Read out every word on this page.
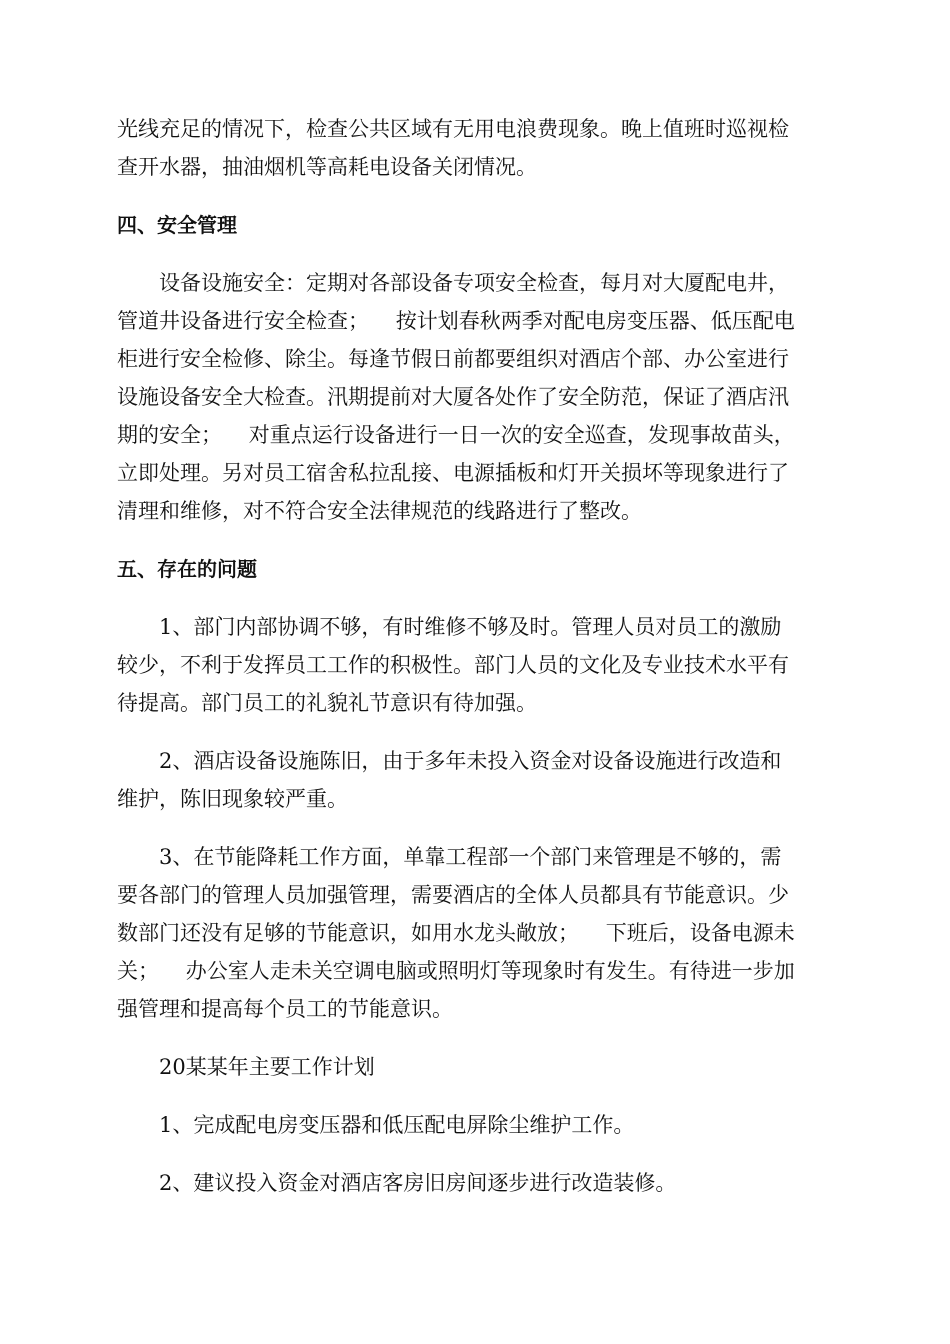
光线充足的情况下，检查公共区域有无用电浪费现象。晚上值班时巡视检
查开水器，抽油烟机等高耗电设备关闭情况。
四、安全管理
设备设施安全：定期对各部设备专项安全检查，每月对大厦配电井，
管道井设备进行安全检查；    按计划春秋两季对配电房变压器、低压配电
柜进行安全检修、除尘。每逢节假日前都要组织对酒店个部、办公室进行
设施设备安全大检查。汛期提前对大厦各处作了安全防范，保证了酒店汛
期的安全；    对重点运行设备进行一日一次的安全巡查，发现事故苗头，
立即处理。另对员工宿舍私拉乱接、电源插板和灯开关损坏等现象进行了
清理和维修，对不符合安全法律规范的线路进行了整改。
五、存在的问题
1、部门内部协调不够，有时维修不够及时。管理人员对员工的激励
较少，不利于发挥员工工作的积极性。部门人员的文化及专业技术水平有
待提高。部门员工的礼貌礼节意识有待加强。
2、酒店设备设施陈旧，由于多年未投入资金对设备设施进行改造和
维护，陈旧现象较严重。
3、在节能降耗工作方面，单靠工程部一个部门来管理是不够的，需
要各部门的管理人员加强管理，需要酒店的全体人员都具有节能意识。少
数部门还没有足够的节能意识，如用水龙头敞放；    下班后，设备电源未
关；    办公室人走未关空调电脑或照明灯等现象时有发生。有待进一步加
强管理和提高每个员工的节能意识。
20某某年主要工作计划
1、完成配电房变压器和低压配电屏除尘维护工作。
2、建议投入资金对酒店客房旧房间逐步进行改造装修。
